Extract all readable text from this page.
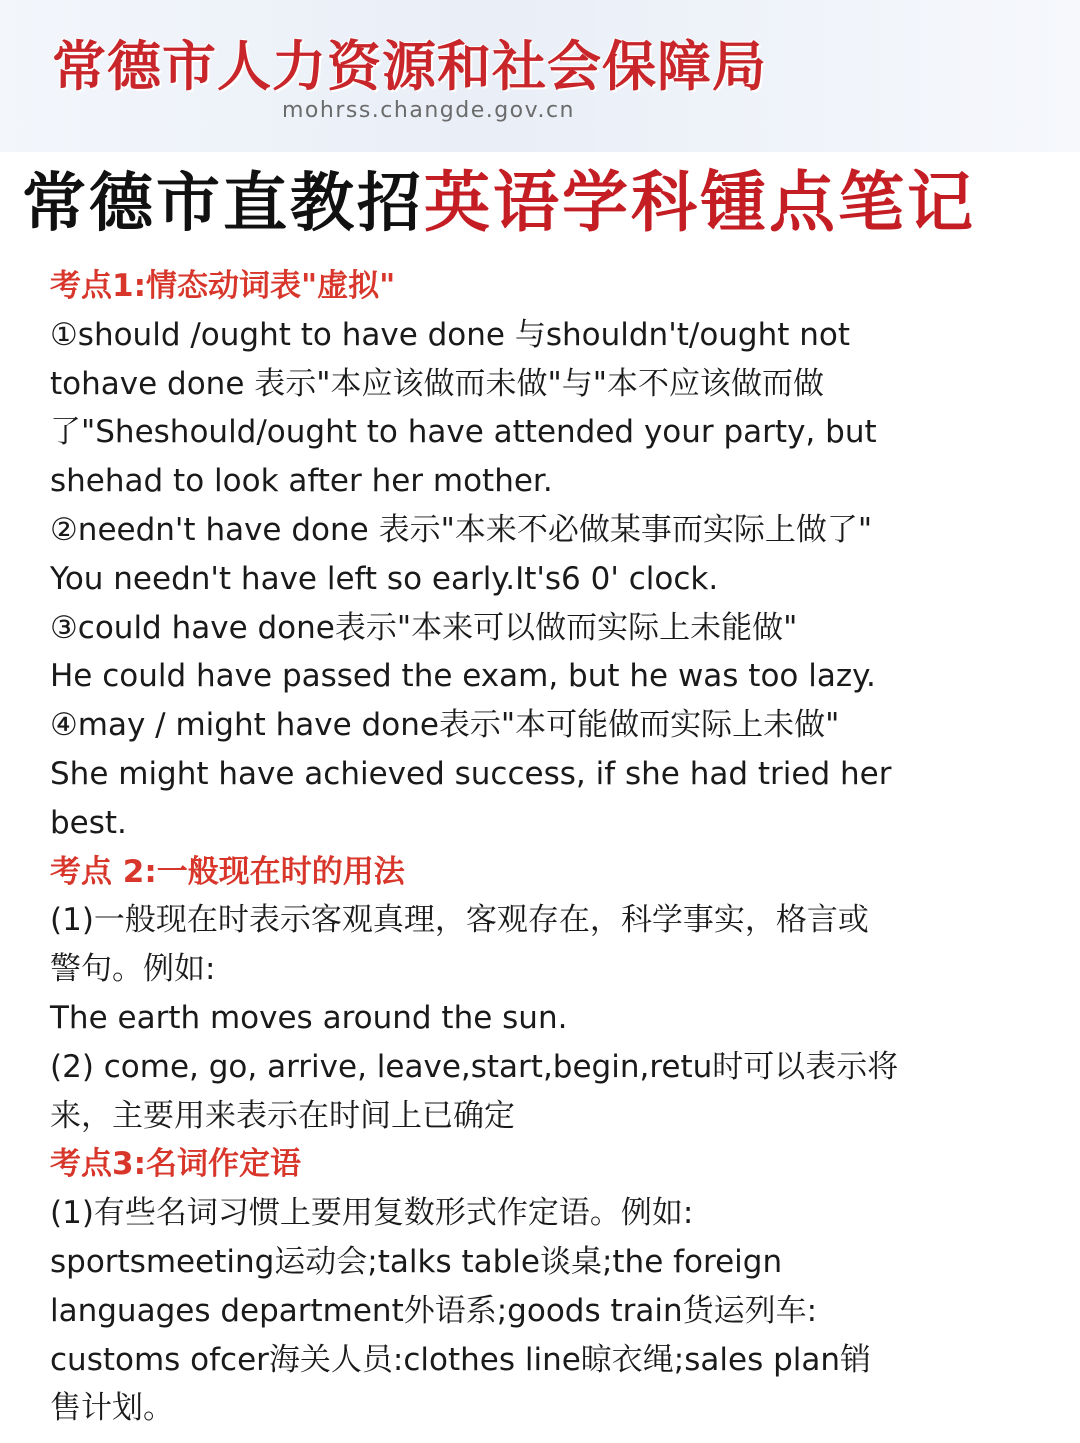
常德市人力资源和社会保障局
mohrss.changde.gov.cn
常德市直教招英语学科锺点笔记
考点1:情态动词表"虚拟"
①should /ought to have done 与shouldn't/ought not
tohave done 表示"本应该做而未做"与"本不应该做而做
了"Sheshould/ought to have attended your party, but
shehad to look after her mother.
②needn't have done 表示"本来不必做某事而实际上做了"
You needn't have left so early.It's6 0' clock.
③could have done表示"本来可以做而实际上未能做"
He could have passed the exam, but he was too lazy.
④may / might have done表示"本可能做而实际上未做"
She might have achieved success, if she had tried her
best.
考点 2:一般现在时的用法
(1)一般现在时表示客观真理，客观存在，科学事实，格言或
警句。例如:
The earth moves around the sun.
(2) come, go, arrive, leave,start,begin,retu时可以表示将
来，主要用来表示在时间上已确定
考点3:名词作定语
(1)有些名词习惯上要用复数形式作定语。例如:
sportsmeeting运动会;talks table谈桌;the foreign
languages department外语系;goods train货运列车:
customs ofcer海关人员:clothes line晾衣绳;sales plan销
售计划。
